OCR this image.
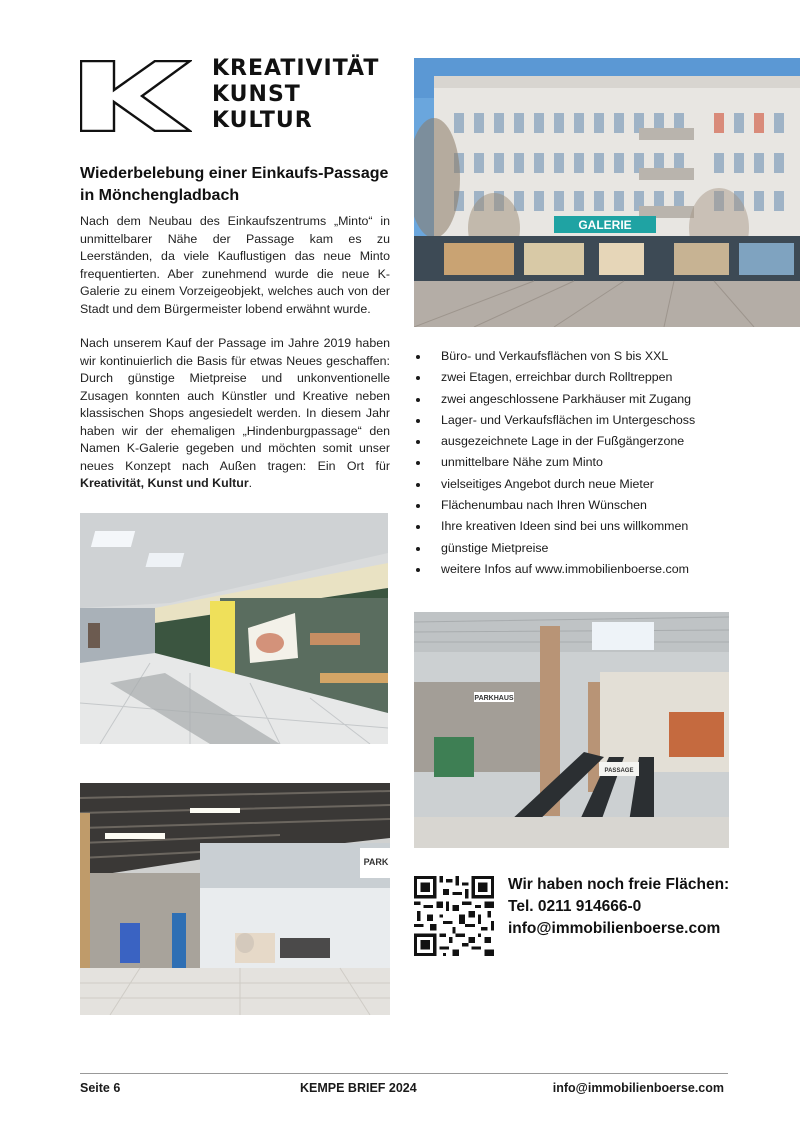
KREATIVITÄT
KUNST
KULTUR
Wiederbelebung einer Einkaufs-Passage
in Mönchengladbach

Nach dem Neubau des Einkaufszentrums „Minto“ in unmittelbarer Nähe der Passage kam es zu Leerständen, da viele Kauflustigen das neue Minto frequentierten. Aber zunehmend wurde die neue K-Galerie zu einem Vorzeigeobjekt, welches auch von der Stadt und dem Bürgermeister lobend erwähnt wurde.

Nach unserem Kauf der Passage im Jahre 2019 haben wir kontinuierlich die Basis für etwas Neues geschaffen: Durch günstige Mietpreise und unkonventionelle Zusagen konnten auch Künstler und Kreative neben klassischen Shops angesiedelt werden. In diesem Jahr haben wir der ehemaligen „Hindenburgpassage“ den Namen K-Galerie gegeben und möchten somit unser neues Konzept nach Außen tragen: Ein Ort für Kreativität, Kunst und Kultur.

GALERIE
Büro- und Verkaufsflächen von S bis XXL
zwei Etagen, erreichbar durch Rolltreppen
zwei angeschlossene Parkhäuser mit Zugang
Lager- und Verkaufsflächen im Untergeschoss
ausgezeichnete Lage in der Fußgängerzone
unmittelbare Nähe zum Minto
vielseitiges Angebot durch neue Mieter
Flächenumbau nach Ihren Wünschen
Ihre kreativen Ideen sind bei uns willkommen
günstige Mietpreise
weitere Infos auf www.immobilienboerse.com
PARKHAUS
PASSAGE
PARK
Wir haben noch freie Flächen:
Tel. 0211 914666-0
info@immobilienboerse.com
Seite 6	KEMPE BRIEF 2024	info@immobilienboerse.com
